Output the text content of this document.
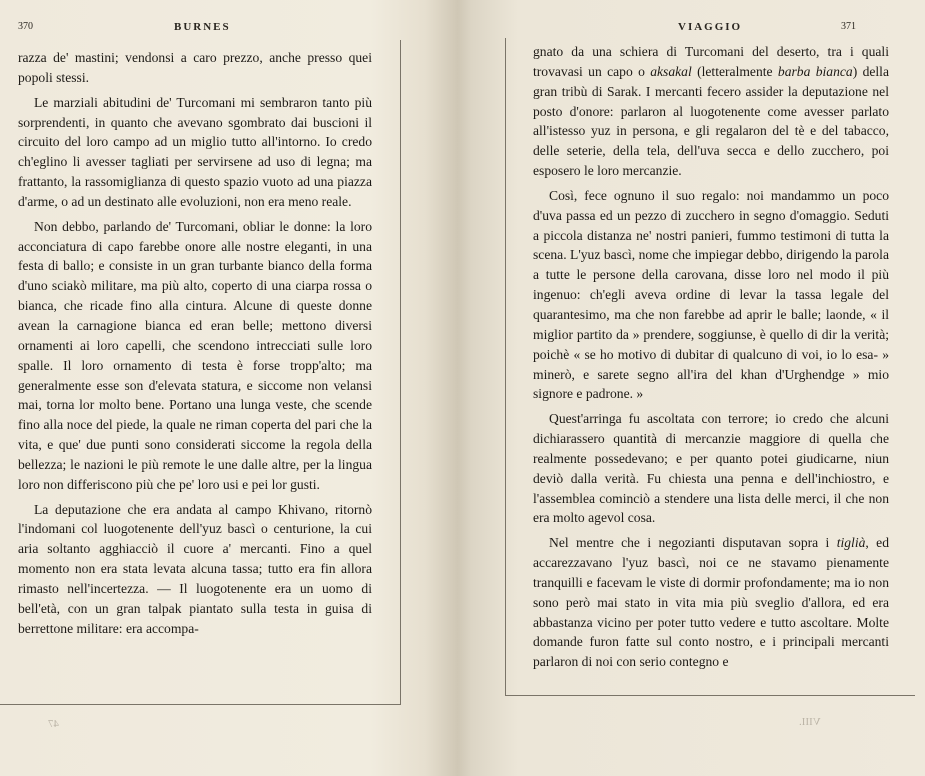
370	BURNES

razza de' mastini; vendonsi a caro prezzo, anche presso quei popoli stessi.

Le marziali abitudini de' Turcomani mi sembraron tanto più sorprendenti, in quanto che avevano sgombrato dai buscioni il circuito del loro campo ad un miglio tutto all'intorno. Io credo ch'eglino li avesser tagliati per servirsene ad uso di legna; ma frattanto, la rassomiglianza di questo spazio vuoto ad una piazza d'arme, o ad un destinato alle evoluzioni, non era meno reale.

Non debbo, parlando de' Turcomani, obliar le donne: la loro acconciatura di capo farebbe onore alle nostre eleganti, in una festa di ballo; e consiste in un gran turbante bianco della forma d'uno sciakò militare, ma più alto, coperto di una ciarpa rossa o bianca, che ricade fino alla cintura. Alcune di queste donne avean la carnagione bianca ed eran belle; mettono diversi ornamenti ai loro capelli, che scendono intrecciati sulle loro spalle. Il loro ornamento di testa è forse tropp'alto; ma generalmente esse son d'elevata statura, e siccome non velansi mai, torna lor molto bene. Portano una lunga veste, che scende fino alla noce del piede, la quale ne riman coperta del pari che la vita, e que' due punti sono considerati siccome la regola della bellezza; le nazioni le più remote le une dalle altre, per la lingua loro non differiscono più che pe' loro usi e pei lor gusti.

La deputazione che era andata al campo Khivano, ritornò l'indomani col luogotenente dell'yuz bascì o centurione, la cui aria soltanto agghiacciò il cuore a' mercanti. Fino a quel momento non era stata levata alcuna tassa; tutto era fin allora rimasto nell'incertezza. — Il luogotenente era un uomo di bell'età, con un gran talpak piantato sulla testa in guisa di berrettone militare: era accompa-

47
VIAGGIO	371

gnato da una schiera di Turcomani del deserto, tra i quali trovavasi un capo o aksakal (letteralmente barba bianca) della gran tribù di Sarak. I mercanti fecero assider la deputazione nel posto d'onore: parlaron al luogotenente come avesser parlato all'istesso yuz in persona, e gli regalaron del tè e del tabacco, delle seterie, della tela, dell'uva secca e dello zucchero, poi esposero le loro mercanzie.

Così, fece ognuno il suo regalo: noi mandammo un poco d'uva passa ed un pezzo di zucchero in segno d'omaggio. Seduti a piccola distanza ne' nostri panieri, fummo testimoni di tutta la scena. L'yuz bascì, nome che impiegar debbo, dirigendo la parola a tutte le persone della carovana, disse loro nel modo il più ingenuo: ch'egli aveva ordine di levar la tassa legale del quarantesimo, ma che non farebbe ad aprir le balle; laonde, « il miglior partito da » prendere, soggiunse, è quello di dir la verità; poichè « se ho motivo di dubitar di qualcuno di voi, io lo esa- » minerò, e sarete segno all'ira del khan d'Urghendge » mio signore e padrone. »

Quest'arringa fu ascoltata con terrore; io credo che alcuni dichiarassero quantità di mercanzie maggiore di quella che realmente possedevano; e per quanto potei giudicarne, niun deviò dalla verità. Fu chiesta una penna e dell'inchiostro, e l'assemblea cominciò a stendere una lista delle merci, il che non era molto agevol cosa.

Nel mentre che i negozianti disputavan sopra i tiglià, ed accarezzavano l'yuz bascì, noi ce ne stavamo pienamente tranquilli e facevam le viste di dormir profondamente; ma io non sono però mai stato in vita mia più sveglio d'allora, ed era abbastanza vicino per poter tutto vedere e tutto ascoltare. Molte domande furon fatte sul conto nostro, e i principali mercanti parlaron di noi con serio contegno e

VIII.
